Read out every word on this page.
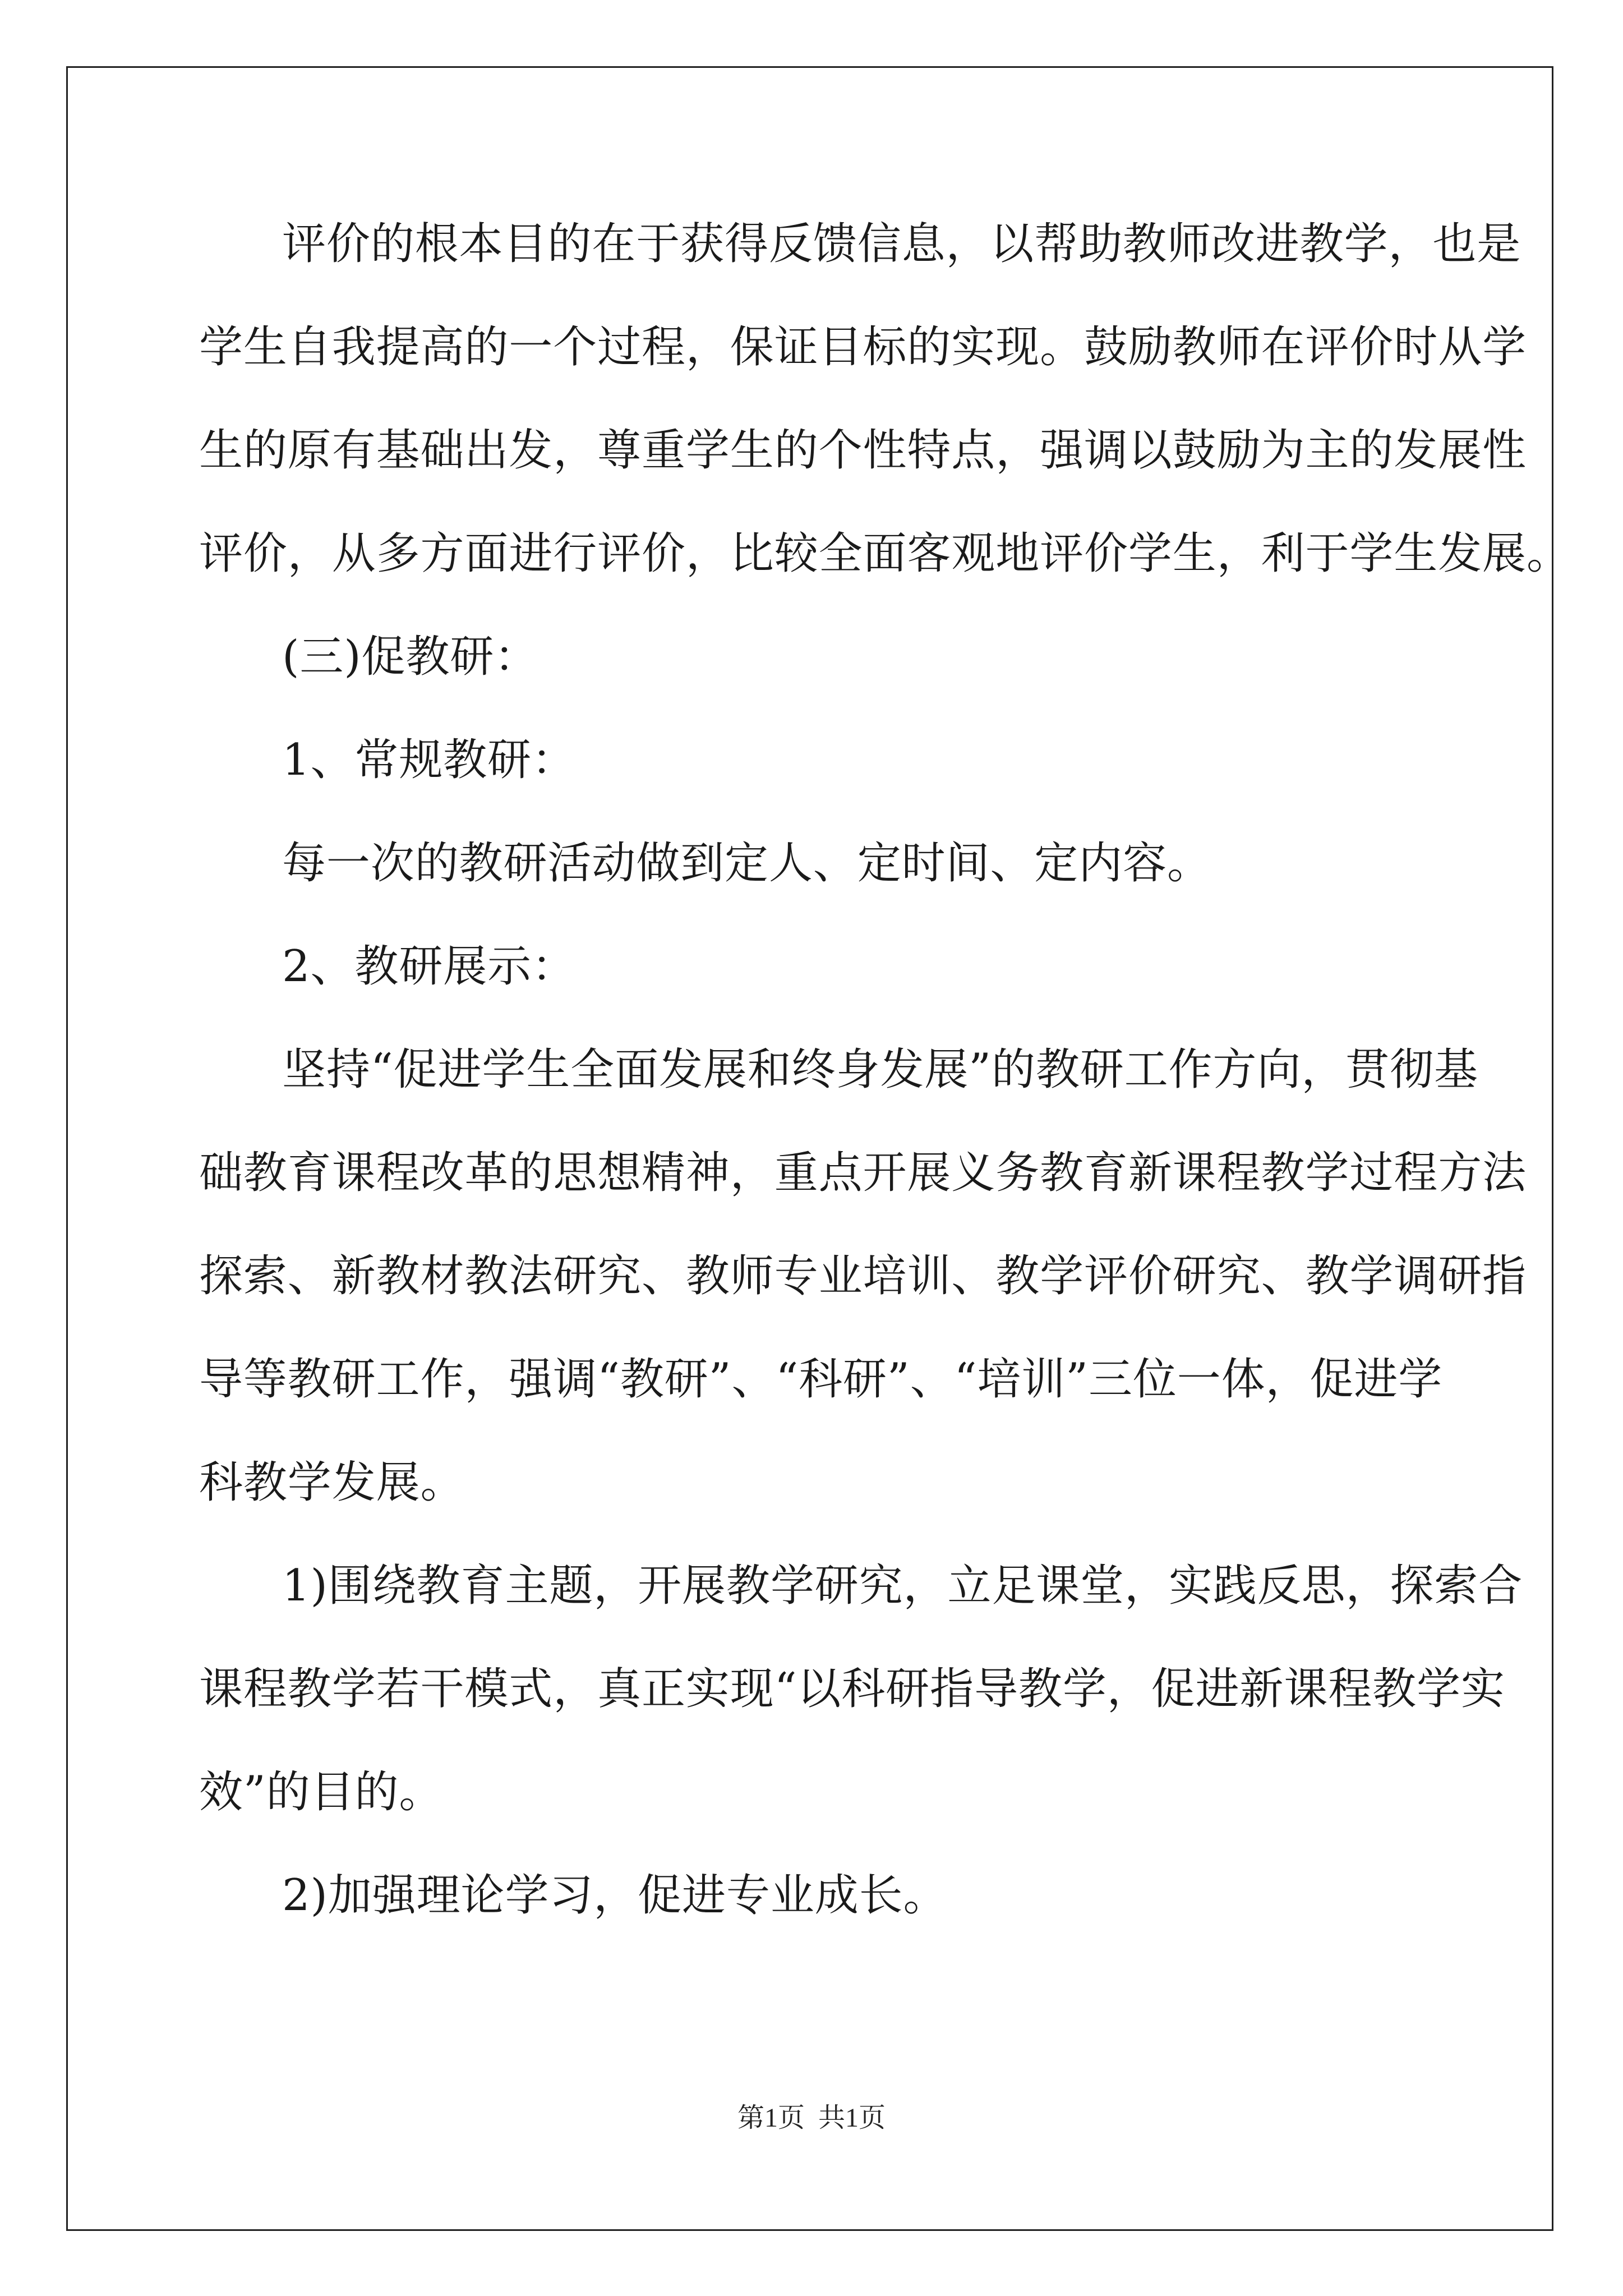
评价的根本目的在于获得反馈信息，以帮助教师改进教学，也是
学生自我提高的一个过程，保证目标的实现。鼓励教师在评价时从学
生的原有基础出发，尊重学生的个性特点，强调以鼓励为主的发展性
评价，从多方面进行评价，比较全面客观地评价学生，利于学生发展。
(三)促教研：
1、常规教研：
每一次的教研活动做到定人、定时间、定内容。
2、教研展示：
坚持“促进学生全面发展和终身发展”的教研工作方向，贯彻基
础教育课程改革的思想精神，重点开展义务教育新课程教学过程方法
探索、新教材教法研究、教师专业培训、教学评价研究、教学调研指
导等教研工作，强调“教研”、“科研”、“培训”三位一体，促进学
科教学发展。
1)围绕教育主题，开展教学研究，立足课堂，实践反思，探索合
课程教学若干模式，真正实现“以科研指导教学，促进新课程教学实
效”的目的。
2)加强理论学习，促进专业成长。
第1页 共1页
